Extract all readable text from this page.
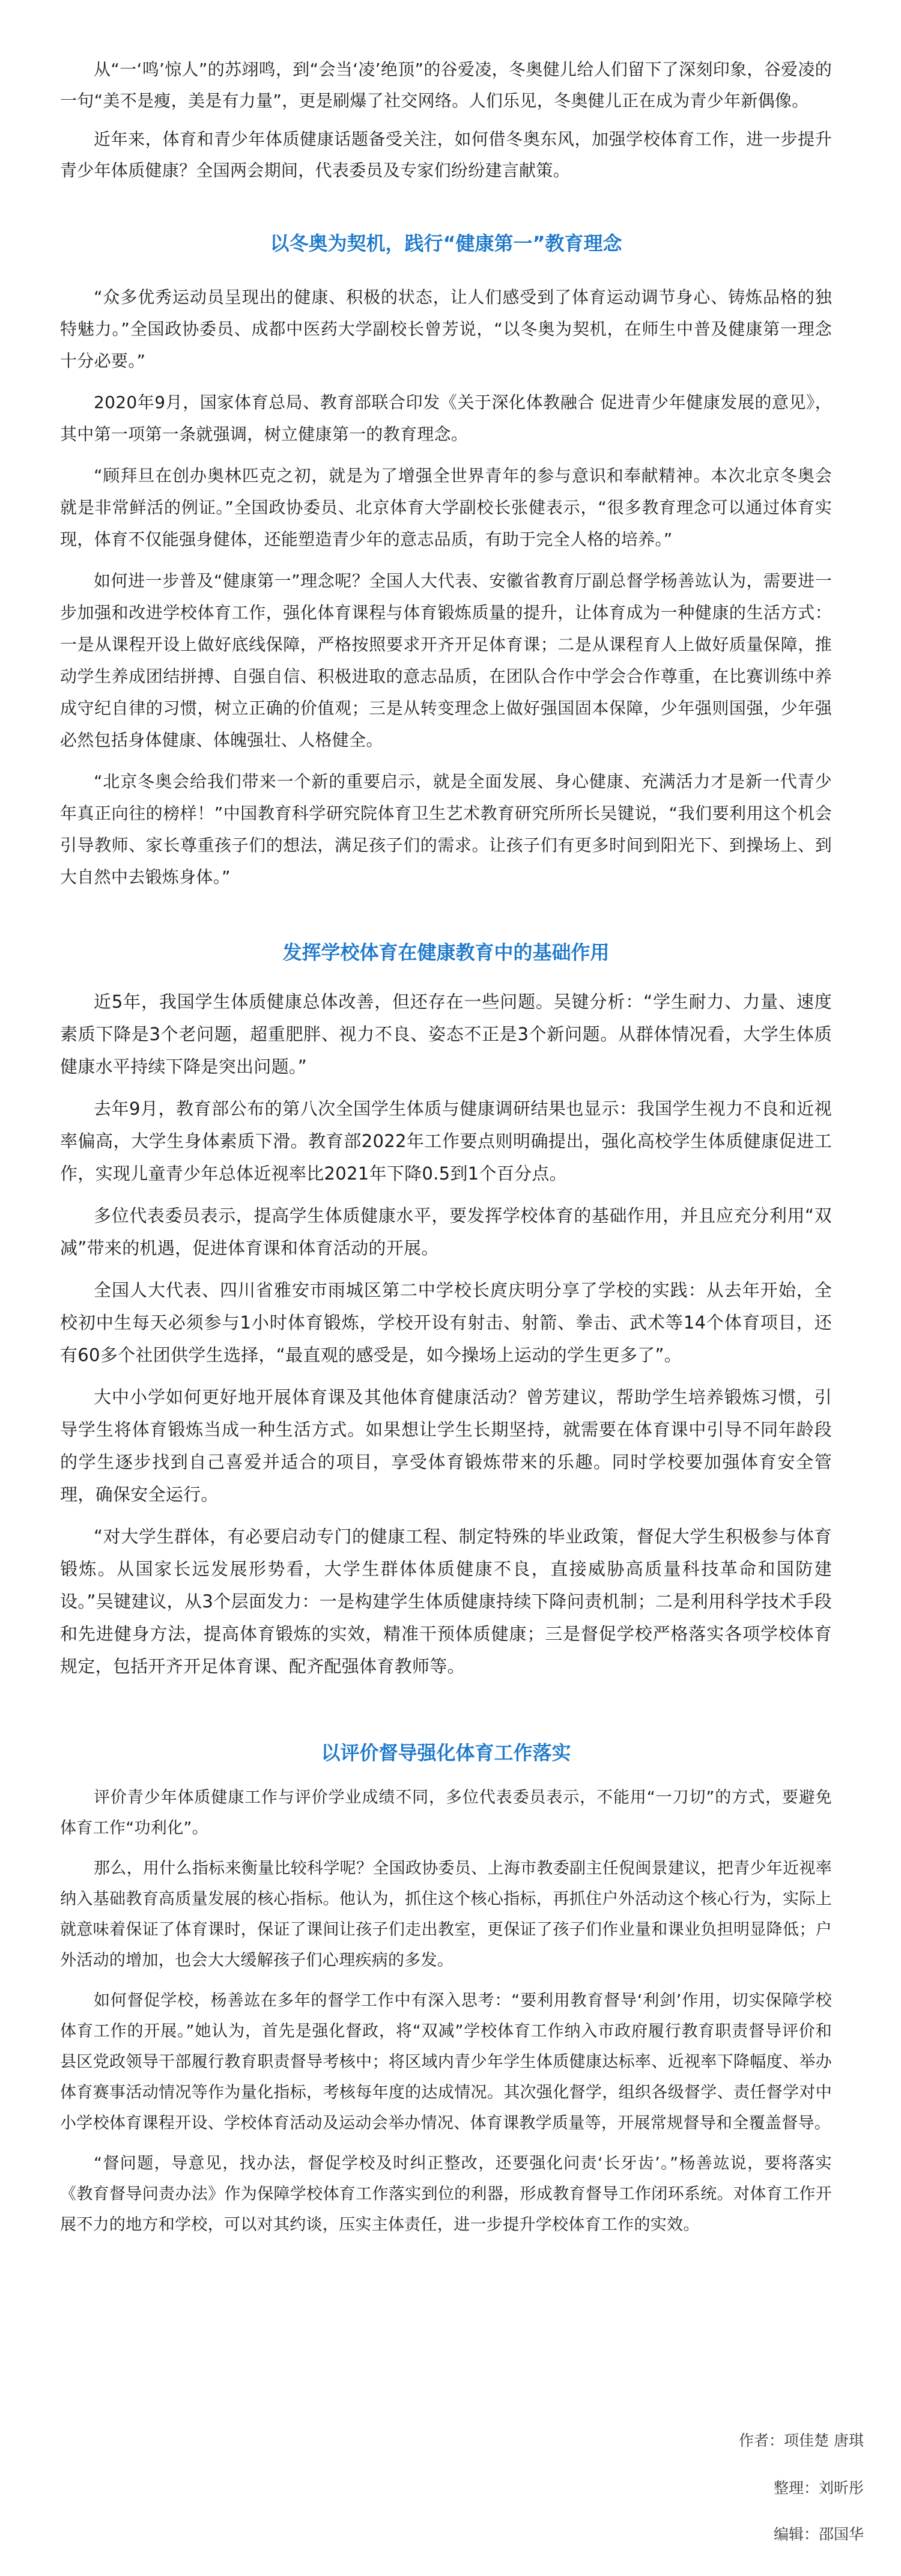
从“一‘鸣’惊人”的苏翊鸣，到“会当‘凌’绝顶”的谷爱凌，冬奥健儿给人们留下了深刻印象，谷爱凌的一句“美不是瘦，美是有力量”，更是刷爆了社交网络。人们乐见，冬奥健儿正在成为青少年新偶像。

近年来，体育和青少年体质健康话题备受关注，如何借冬奥东风，加强学校体育工作，进一步提升青少年体质健康？全国两会期间，代表委员及专家们纷纷建言献策。

以冬奥为契机，践行“健康第一”教育理念

“众多优秀运动员呈现出的健康、积极的状态，让人们感受到了体育运动调节身心、铸炼品格的独特魅力。”全国政协委员、成都中医药大学副校长曾芳说，“以冬奥为契机，在师生中普及健康第一理念十分必要。”

2020年9月，国家体育总局、教育部联合印发《关于深化体教融合 促进青少年健康发展的意见》，其中第一项第一条就强调，树立健康第一的教育理念。

“顾拜旦在创办奥林匹克之初，就是为了增强全世界青年的参与意识和奉献精神。本次北京冬奥会就是非常鲜活的例证。”全国政协委员、北京体育大学副校长张健表示，“很多教育理念可以通过体育实现，体育不仅能强身健体，还能塑造青少年的意志品质，有助于完全人格的培养。”

如何进一步普及“健康第一”理念呢？全国人大代表、安徽省教育厅副总督学杨善竑认为，需要进一步加强和改进学校体育工作，强化体育课程与体育锻炼质量的提升，让体育成为一种健康的生活方式：一是从课程开设上做好底线保障，严格按照要求开齐开足体育课；二是从课程育人上做好质量保障，推动学生养成团结拼搏、自强自信、积极进取的意志品质，在团队合作中学会合作尊重，在比赛训练中养成守纪自律的习惯，树立正确的价值观；三是从转变理念上做好强国固本保障，少年强则国强，少年强必然包括身体健康、体魄强壮、人格健全。

“北京冬奥会给我们带来一个新的重要启示，就是全面发展、身心健康、充满活力才是新一代青少年真正向往的榜样！”中国教育科学研究院体育卫生艺术教育研究所所长吴键说，“我们要利用这个机会引导教师、家长尊重孩子们的想法，满足孩子们的需求。让孩子们有更多时间到阳光下、到操场上、到大自然中去锻炼身体。”

发挥学校体育在健康教育中的基础作用

近5年，我国学生体质健康总体改善，但还存在一些问题。吴键分析：“学生耐力、力量、速度素质下降是3个老问题，超重肥胖、视力不良、姿态不正是3个新问题。从群体情况看，大学生体质健康水平持续下降是突出问题。”

去年9月，教育部公布的第八次全国学生体质与健康调研结果也显示：我国学生视力不良和近视率偏高，大学生身体素质下滑。教育部2022年工作要点则明确提出，强化高校学生体质健康促进工作，实现儿童青少年总体近视率比2021年下降0.5到1个百分点。

多位代表委员表示，提高学生体质健康水平，要发挥学校体育的基础作用，并且应充分利用“双减”带来的机遇，促进体育课和体育活动的开展。

全国人大代表、四川省雅安市雨城区第二中学校长庹庆明分享了学校的实践：从去年开始，全校初中生每天必须参与1小时体育锻炼，学校开设有射击、射箭、拳击、武术等14个体育项目，还有60多个社团供学生选择，“最直观的感受是，如今操场上运动的学生更多了”。

大中小学如何更好地开展体育课及其他体育健康活动？曾芳建议，帮助学生培养锻炼习惯，引导学生将体育锻炼当成一种生活方式。如果想让学生长期坚持，就需要在体育课中引导不同年龄段的学生逐步找到自己喜爱并适合的项目，享受体育锻炼带来的乐趣。同时学校要加强体育安全管理，确保安全运行。

“对大学生群体，有必要启动专门的健康工程、制定特殊的毕业政策，督促大学生积极参与体育锻炼。从国家长远发展形势看，大学生群体体质健康不良，直接威胁高质量科技革命和国防建设。”吴键建议，从3个层面发力：一是构建学生体质健康持续下降问责机制；二是利用科学技术手段和先进健身方法，提高体育锻炼的实效，精准干预体质健康；三是督促学校严格落实各项学校体育规定，包括开齐开足体育课、配齐配强体育教师等。

以评价督导强化体育工作落实

评价青少年体质健康工作与评价学业成绩不同，多位代表委员表示，不能用“一刀切”的方式，要避免体育工作“功利化”。

那么，用什么指标来衡量比较科学呢？全国政协委员、上海市教委副主任倪闽景建议，把青少年近视率纳入基础教育高质量发展的核心指标。他认为，抓住这个核心指标，再抓住户外活动这个核心行为，实际上就意味着保证了体育课时，保证了课间让孩子们走出教室，更保证了孩子们作业量和课业负担明显降低；户外活动的增加，也会大大缓解孩子们心理疾病的多发。

如何督促学校，杨善竑在多年的督学工作中有深入思考：“要利用教育督导‘利剑’作用，切实保障学校体育工作的开展。”她认为，首先是强化督政，将“双减”学校体育工作纳入市政府履行教育职责督导评价和县区党政领导干部履行教育职责督导考核中；将区域内青少年学生体质健康达标率、近视率下降幅度、举办体育赛事活动情况等作为量化指标，考核每年度的达成情况。其次强化督学，组织各级督学、责任督学对中小学校体育课程开设、学校体育活动及运动会举办情况、体育课教学质量等，开展常规督导和全覆盖督导。

“督问题，导意见，找办法，督促学校及时纠正整改，还要强化问责‘长牙齿’。”杨善竑说，要将落实《教育督导问责办法》作为保障学校体育工作落实到位的利器，形成教育督导工作闭环系统。对体育工作开展不力的地方和学校，可以对其约谈，压实主体责任，进一步提升学校体育工作的实效。

作者：项佳楚 唐琪
整理：刘昕彤
编辑：邵国华
